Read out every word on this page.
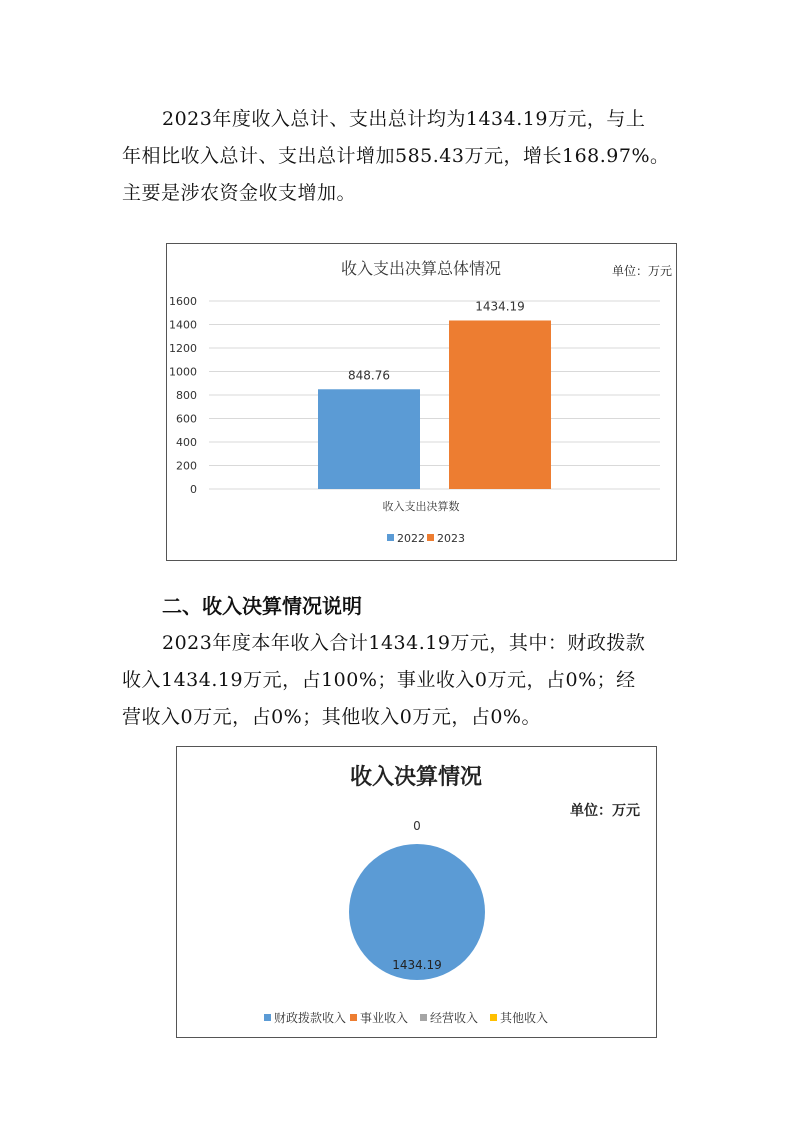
2023年度收入总计、支出总计均为1434.19万元，与上
年相比收入总计、支出总计增加585.43万元，增长168.97%。
主要是涉农资金收支增加。
收入支出决算总体情况	单位：万元
0
200
400
600
800
1000
1200
1400
1600
848.76
1434.19
收入支出决算数
2022 2023
二、收入决算情况说明
2023年度本年收入合计1434.19万元，其中：财政拨款
收入1434.19万元，占100%；事业收入0万元，占0%；经
营收入0万元，占0%；其他收入0万元，占0%。
收入决算情况
单位：万元
0
1434.19
财政拨款收入 事业收入 经营收入 其他收入
